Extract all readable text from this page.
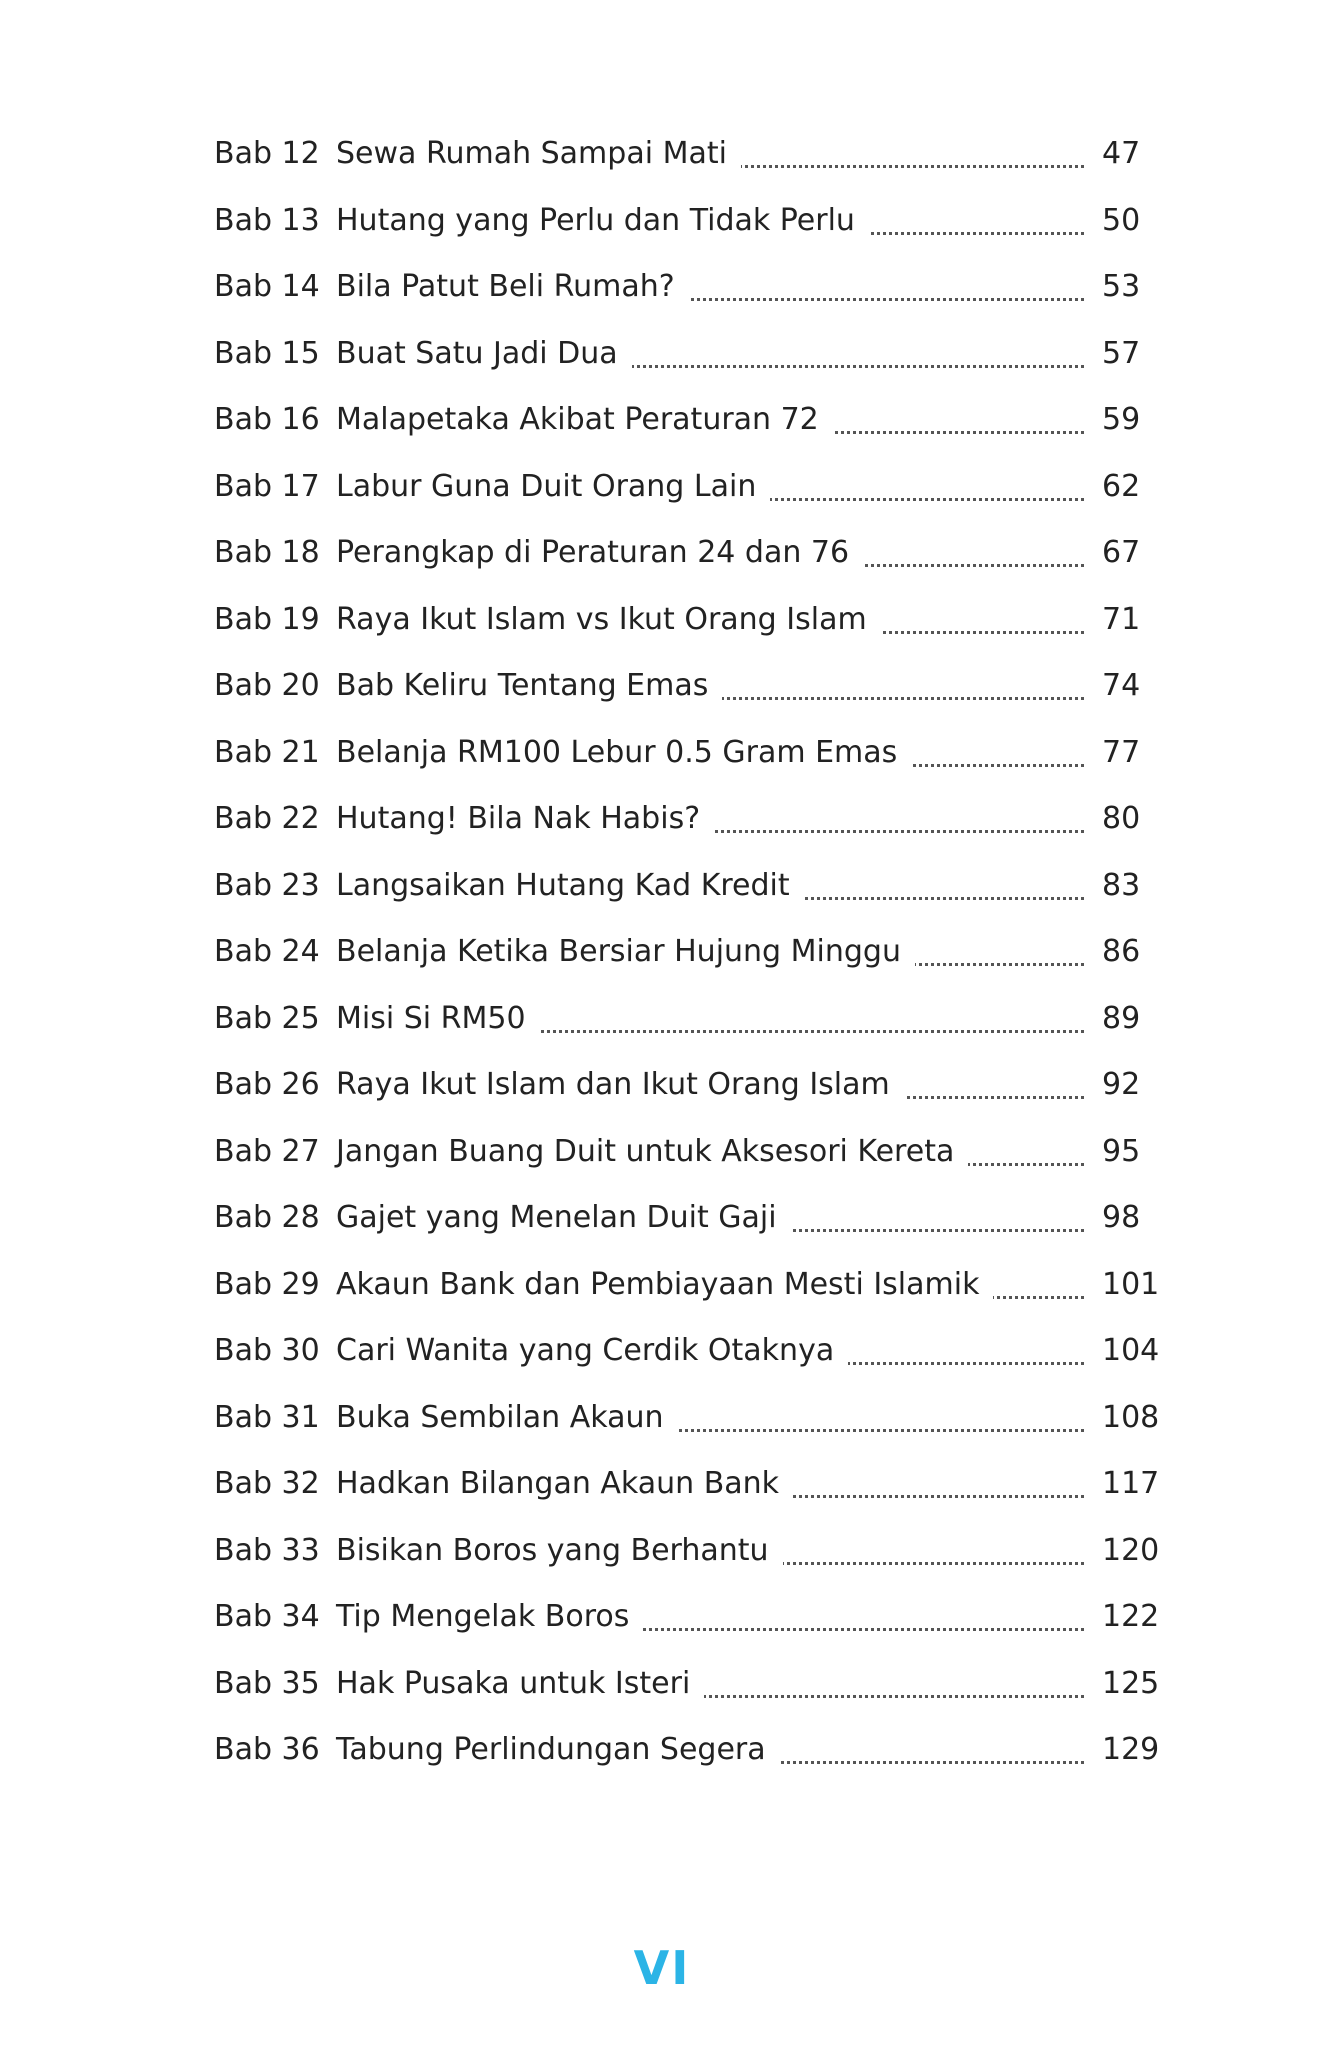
Bab 12 Sewa Rumah Sampai Mati	47
Bab 13 Hutang yang Perlu dan Tidak Perlu	50
Bab 14 Bila Patut Beli Rumah?	53
Bab 15 Buat Satu Jadi Dua	57
Bab 16 Malapetaka Akibat Peraturan 72	59
Bab 17 Labur Guna Duit Orang Lain	62
Bab 18 Perangkap di Peraturan 24 dan 76	67
Bab 19 Raya Ikut Islam vs Ikut Orang Islam	71
Bab 20 Bab Keliru Tentang Emas	74
Bab 21 Belanja RM100 Lebur 0.5 Gram Emas	77
Bab 22 Hutang! Bila Nak Habis?	80
Bab 23 Langsaikan Hutang Kad Kredit	83
Bab 24 Belanja Ketika Bersiar Hujung Minggu	86
Bab 25 Misi Si RM50	89
Bab 26 Raya Ikut Islam dan Ikut Orang Islam	92
Bab 27 Jangan Buang Duit untuk Aksesori Kereta	95
Bab 28 Gajet yang Menelan Duit Gaji	98
Bab 29 Akaun Bank dan Pembiayaan Mesti Islamik	101
Bab 30 Cari Wanita yang Cerdik Otaknya	104
Bab 31 Buka Sembilan Akaun	108
Bab 32 Hadkan Bilangan Akaun Bank	117
Bab 33 Bisikan Boros yang Berhantu	120
Bab 34 Tip Mengelak Boros	122
Bab 35 Hak Pusaka untuk Isteri	125
Bab 36 Tabung Perlindungan Segera	129
VI
